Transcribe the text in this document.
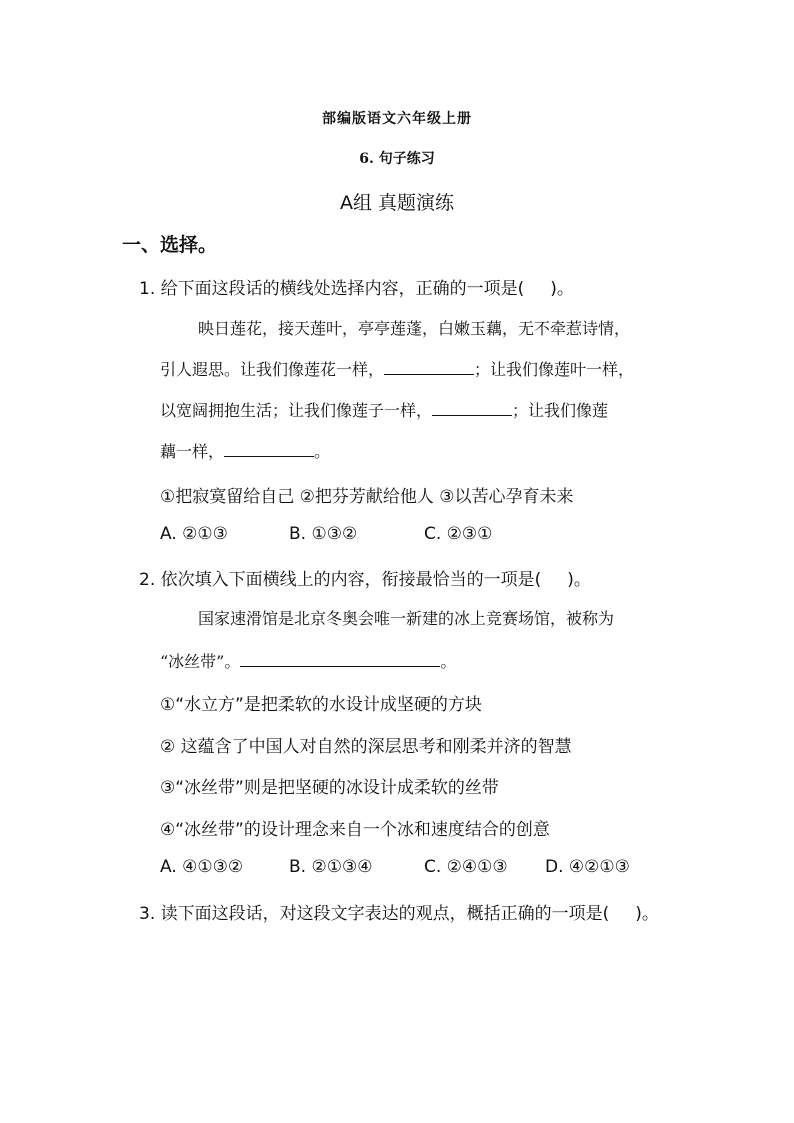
部编版语文六年级上册
6. 句子练习
A组 真题演练
一、选择。
1. 给下面这段话的横线处选择内容，正确的一项是( )。
映日莲花，接天莲叶，亭亭莲蓬，白嫩玉藕，无不牵惹诗情，
引人遐思。让我们像莲花一样，	；让我们像莲叶一样，
以宽阔拥抱生活；让我们像莲子一样，	；让我们像莲
藕一样，	。
①把寂寞留给自己 ②把芬芳献给他人 ③以苦心孕育未来
A. ②①③	B. ①③②	C. ②③①
2. 依次填入下面横线上的内容，衔接最恰当的一项是( )。
国家速滑馆是北京冬奥会唯一新建的冰上竞赛场馆，被称为
“冰丝带”。	。
①“水立方”是把柔软的水设计成坚硬的方块
② 这蕴含了中国人对自然的深层思考和刚柔并济的智慧
③“冰丝带”则是把坚硬的冰设计成柔软的丝带
④“冰丝带”的设计理念来自一个冰和速度结合的创意
A. ④①③②	B. ②①③④	C. ②④①③ D. ④②①③
3. 读下面这段话，对这段文字表达的观点，概括正确的一项是( )。
